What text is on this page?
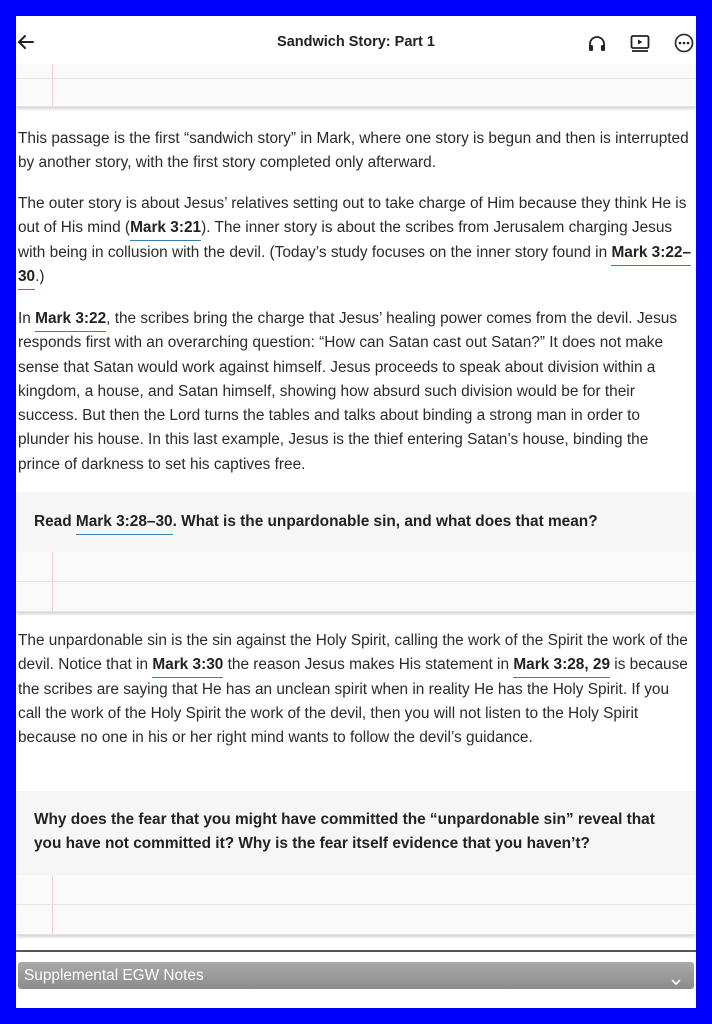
Sandwich Story: Part 1

This passage is the first “sandwich story” in Mark, where one story is begun and then is interrupted by another story, with the first story completed only afterward.

The outer story is about Jesus’ relatives setting out to take charge of Him because they think He is out of His mind (Mark 3:21). The inner story is about the scribes from Jerusalem charging Jesus with being in collusion with the devil. (Today’s study focuses on the inner story found in Mark 3:22–30.)

In Mark 3:22, the scribes bring the charge that Jesus’ healing power comes from the devil. Jesus responds first with an overarching question: “How can Satan cast out Satan?” It does not make sense that Satan would work against himself. Jesus proceeds to speak about division within a kingdom, a house, and Satan himself, showing how absurd such division would be for their success. But then the Lord turns the tables and talks about binding a strong man in order to plunder his house. In this last example, Jesus is the thief entering Satan’s house, binding the prince of darkness to set his captives free.

Read Mark 3:28–30. What is the unpardonable sin, and what does that mean?

The unpardonable sin is the sin against the Holy Spirit, calling the work of the Spirit the work of the devil. Notice that in Mark 3:30 the reason Jesus makes His statement in Mark 3:28, 29 is because the scribes are saying that He has an unclean spirit when in reality He has the Holy Spirit. If you call the work of the Holy Spirit the work of the devil, then you will not listen to the Holy Spirit because no one in his or her right mind wants to follow the devil’s guidance.

Why does the fear that you might have committed the “unpardonable sin” reveal that you have not committed it? Why is the fear itself evidence that you haven’t?
Supplemental EGW Notes
